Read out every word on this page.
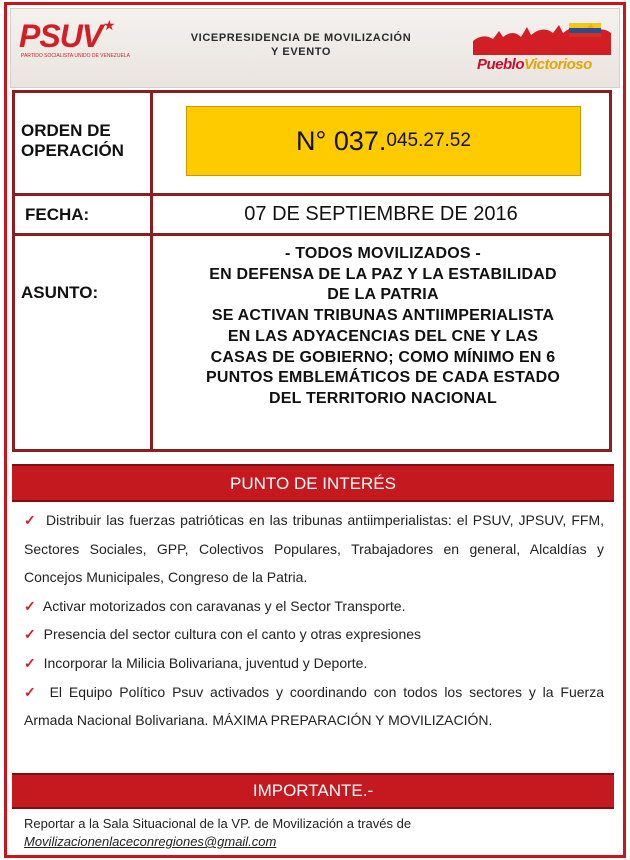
PSUV ★
PARTIDO SOCIALISTA UNIDO DE VENEZUELA
VICEPRESIDENCIA DE MOVILIZACIÓN
Y EVENTO
PuebloVictorioso
ORDEN DE
OPERACIÓN	N° 037. 045.27.52
FECHA:	07 DE SEPTIEMBRE DE 2016
ASUNTO:
- TODOS MOVILIZADOS -
EN DEFENSA DE LA PAZ Y LA ESTABILIDAD
DE LA PATRIA
SE ACTIVAN TRIBUNAS ANTIIMPERIALISTA
EN LAS ADYACENCIAS DEL CNE Y LAS
CASAS DE GOBIERNO; COMO MÍNIMO EN 6
PUNTOS EMBLEMÁTICOS DE CADA ESTADO
DEL TERRITORIO NACIONAL
PUNTO DE INTERÉS
✓ Distribuir las fuerzas patrióticas en las tribunas antiimperialistas: el PSUV, JPSUV, FFM, Sectores Sociales, GPP, Colectivos Populares, Trabajadores en general, Alcaldías y Concejos Municipales, Congreso de la Patria.
✓ Activar motorizados con caravanas y el Sector Transporte.
✓ Presencia del sector cultura con el canto y otras expresiones
✓ Incorporar la Milicia Bolivariana, juventud y Deporte.
✓ El Equipo Político Psuv activados y coordinando con todos los sectores y la Fuerza Armada Nacional Bolivariana. MÁXIMA PREPARACIÓN Y MOVILIZACIÓN.
IMPORTANTE.-
Reportar a la Sala Situacional de la VP. de Movilización a través de
Movilizacionenlaceconregiones@gmail.com
